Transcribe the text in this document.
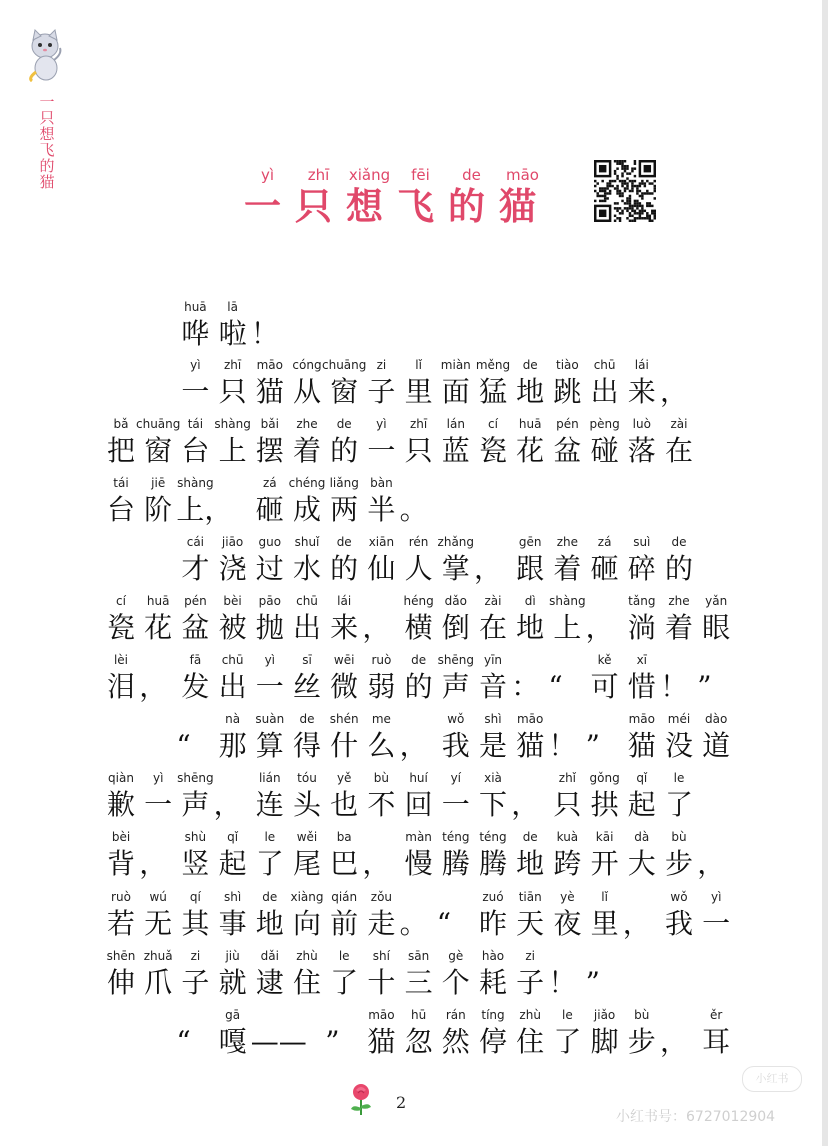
一
只
想
飞
的
猫	yì
一
zhī
只
xiǎng
想
fēi
飞
de
的
māo
猫
huā
哗
lā
啦 ！
yì
一
zhī
只
māo
猫
cóng
从
chuāng
窗
zi
子
lǐ
里
miàn
面
měng
猛
de
地
tiào
跳
chū
出
lái
来 ，
bǎ
把
chuāng
窗
tái
台
shàng
上
bǎi
摆
zhe
着
de
的
yì
一
zhī
只
lán
蓝
cí
瓷
huā
花
pén
盆
pèng
碰
luò
落
zài
在
tái
台
jiē
阶
shàng
上，
zá
砸
chéng
成
liǎng
两
bàn
半 。
cái
才
jiāo
浇
guo
过
shuǐ
水
de
的
xiān
仙
rén
人
zhǎng
掌 ，
gēn
跟
zhe
着
zá
砸
suì
碎
de
的
cí
瓷
huā
花
pén
盆
bèi
被
pāo
抛
chū
出
lái
来 ，
héng
横
dǎo
倒
zài
在
dì
地
shàng
上 ，
tǎng
淌
zhe
着
yǎn
眼
lèi
泪 ，
fā
发
chū
出
yì
一
sī
丝
wēi
微
ruò
弱
de
的
shēng
声
yīn
音 ： “
kě
可
xī
惜 ！ ”
“
nà
那
suàn
算
de
得
shén
什
me
么 ，
wǒ
我
shì
是
māo
猫 ！ ”
māo
猫
méi
没
dào
道
qiàn
歉
yì
一
shēng
声 ，
lián
连
tóu
头
yě
也
bù
不
huí
回
yí
一
xià
下 ，
zhǐ
只
gǒng
拱
qǐ
起
le
了
bèi
背 ，
shù
竖
qǐ
起
le
了
wěi
尾
ba
巴 ，
màn
慢
téng
腾
téng
腾
de
地
kuà
跨
kāi
开
dà
大
bù
步 ，
ruò
若
wú
无
qí
其
shì
事
de
地
xiàng
向
qián
前
zǒu
走 。 “
zuó
昨
tiān
天
yè
夜
lǐ
里 ，
wǒ
我
yì
一
shēn
伸
zhuǎ
爪
zi
子
jiù
就
dǎi
逮
zhù
住
le
了
shí
十
sān
三
gè
个
hào
耗
zi
子 ！ ”
“
gā
嘎 —— ”
māo
猫
hū
忽
rán
然
tíng
停
zhù
住
le
了
jiǎo
脚
bù
步 ，
ěr
耳
2
小红书
小红书号：6727012904
